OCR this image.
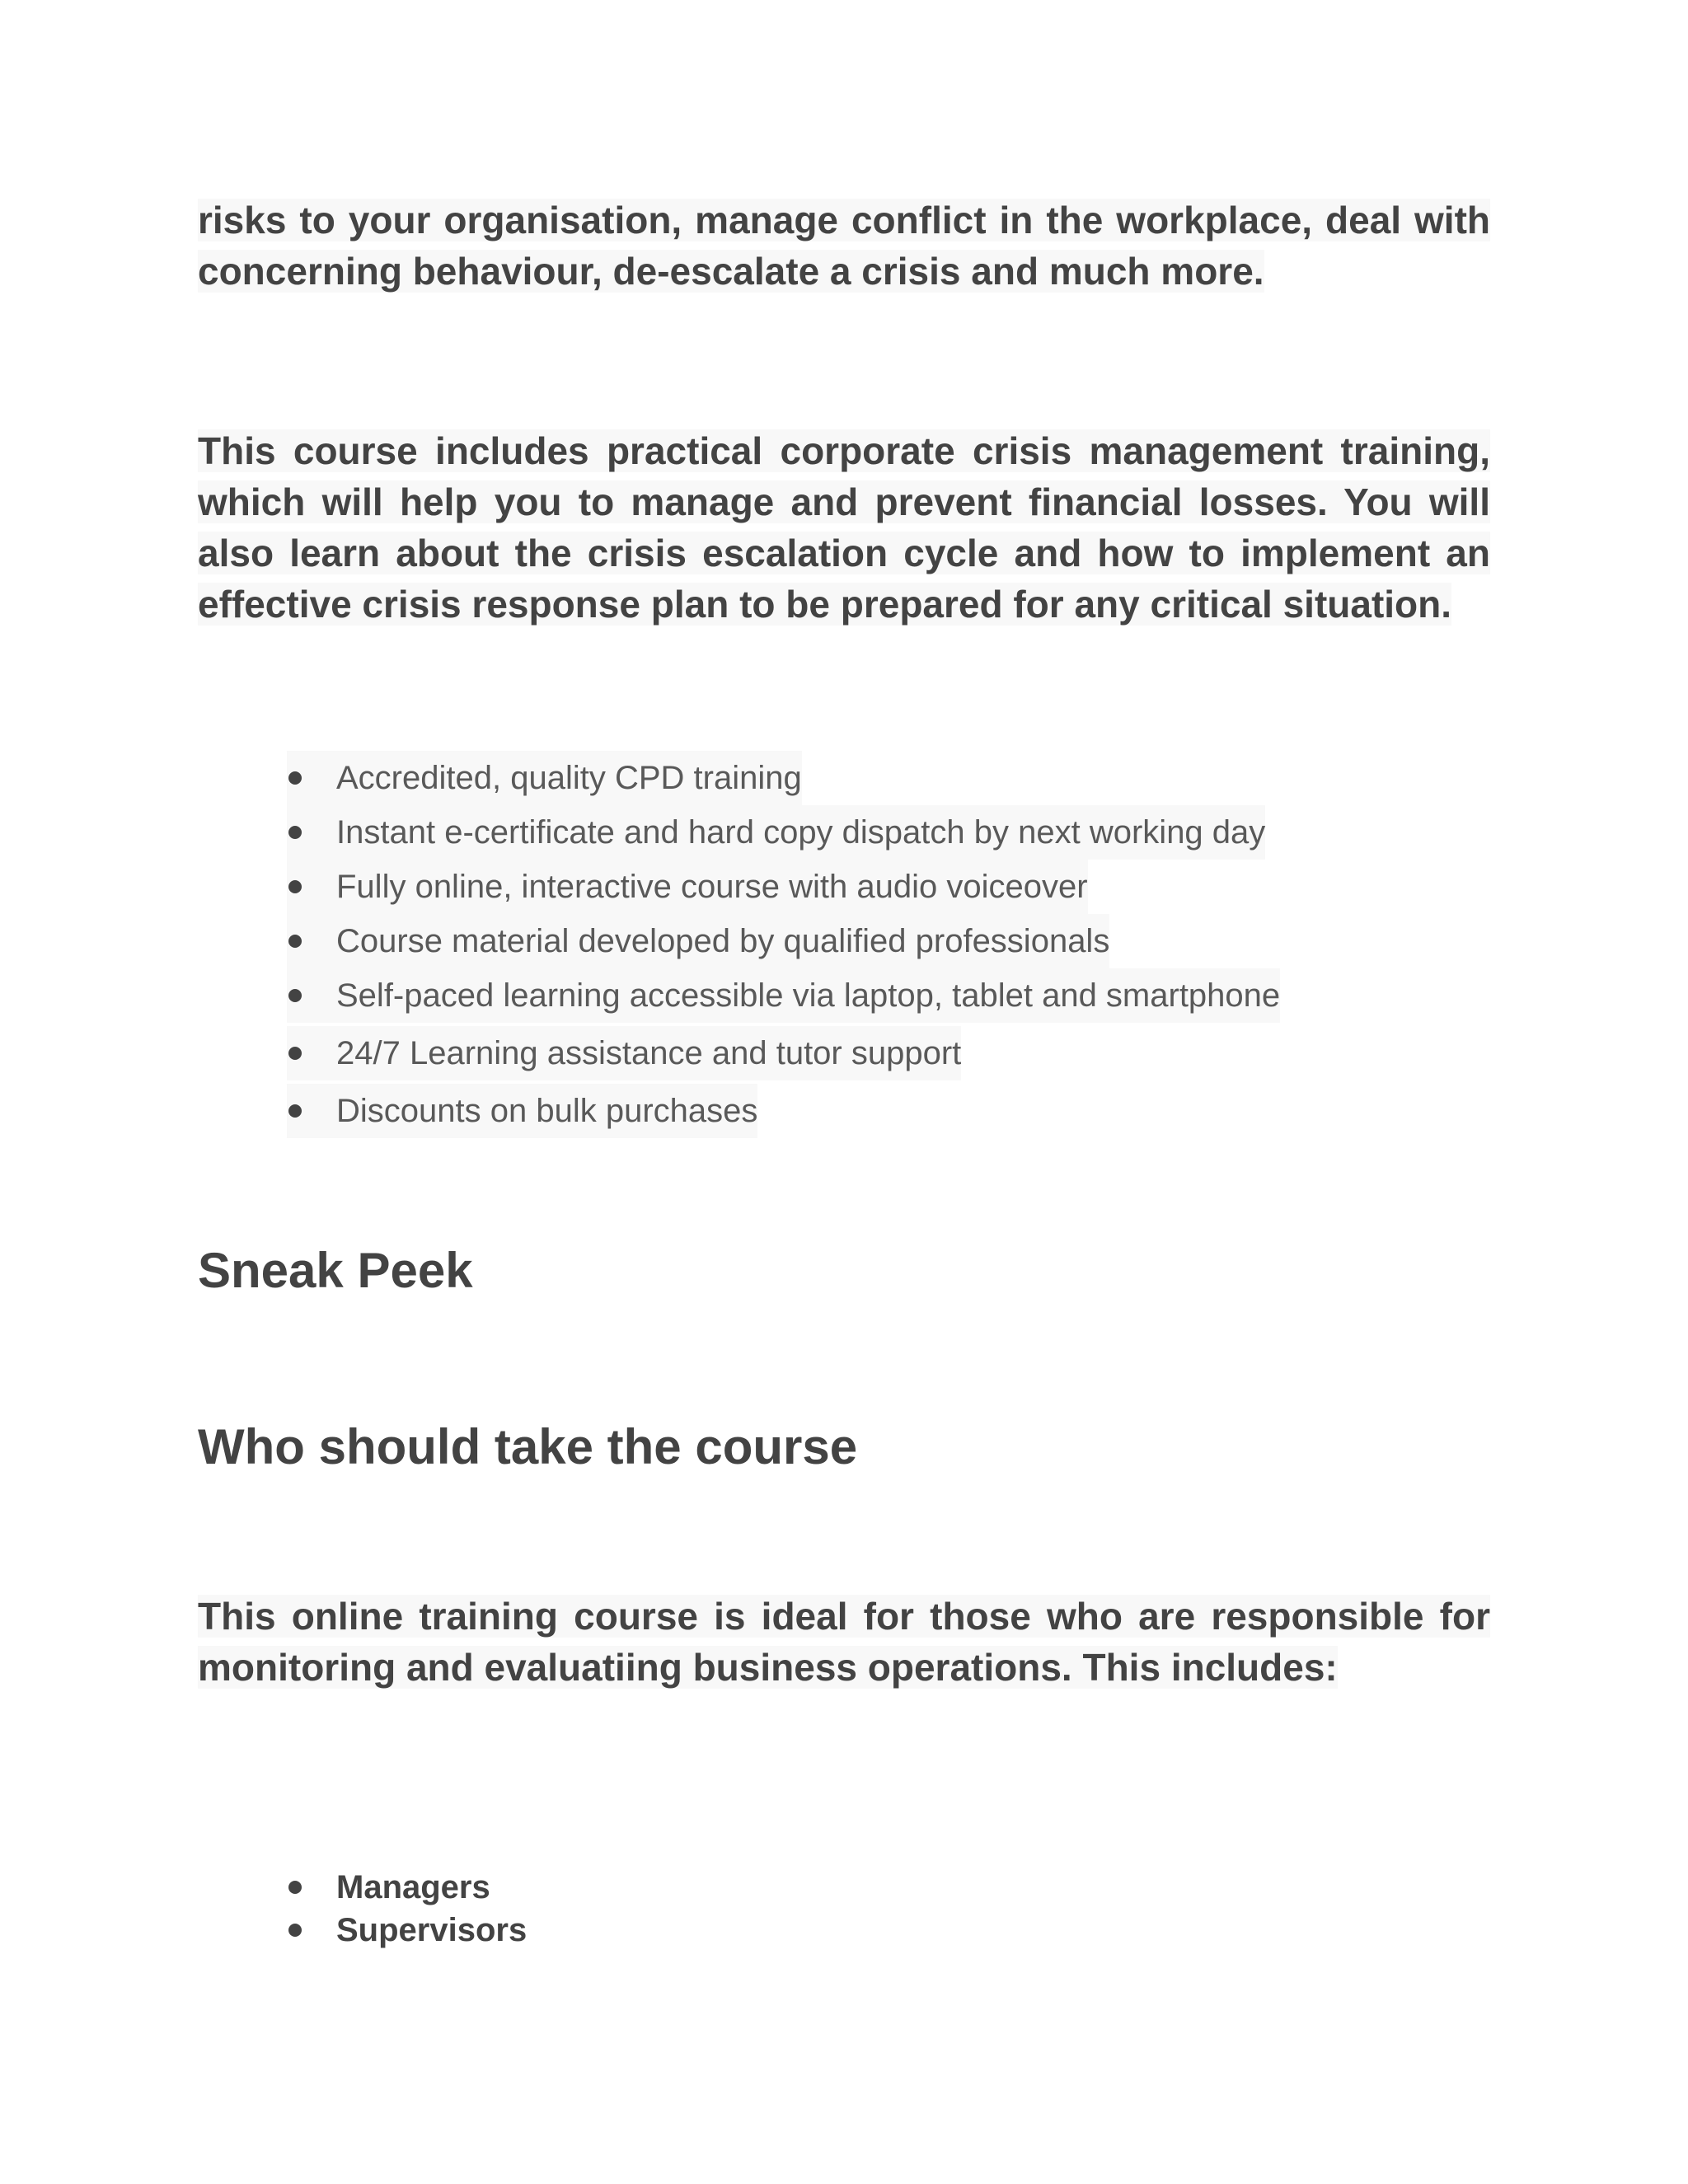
risks to your organisation, manage conflict in the workplace, deal with concerning behaviour, de-escalate a crisis and much more.

This course includes practical corporate crisis management training, which will help you to manage and prevent financial losses. You will also learn about the crisis escalation cycle and how to implement an effective crisis response plan to be prepared for any critical situation.

Accredited, quality CPD training
Instant e-certificate and hard copy dispatch by next working day
Fully online, interactive course with audio voiceover
Course material developed by qualified professionals
Self-paced learning accessible via laptop, tablet and smartphone
24/7 Learning assistance and tutor support
Discounts on bulk purchases
Sneak Peek
Who should take the course

This online training course is ideal for those who are responsible for monitoring and evaluatiing business operations. This includes:

Managers
Supervisors
